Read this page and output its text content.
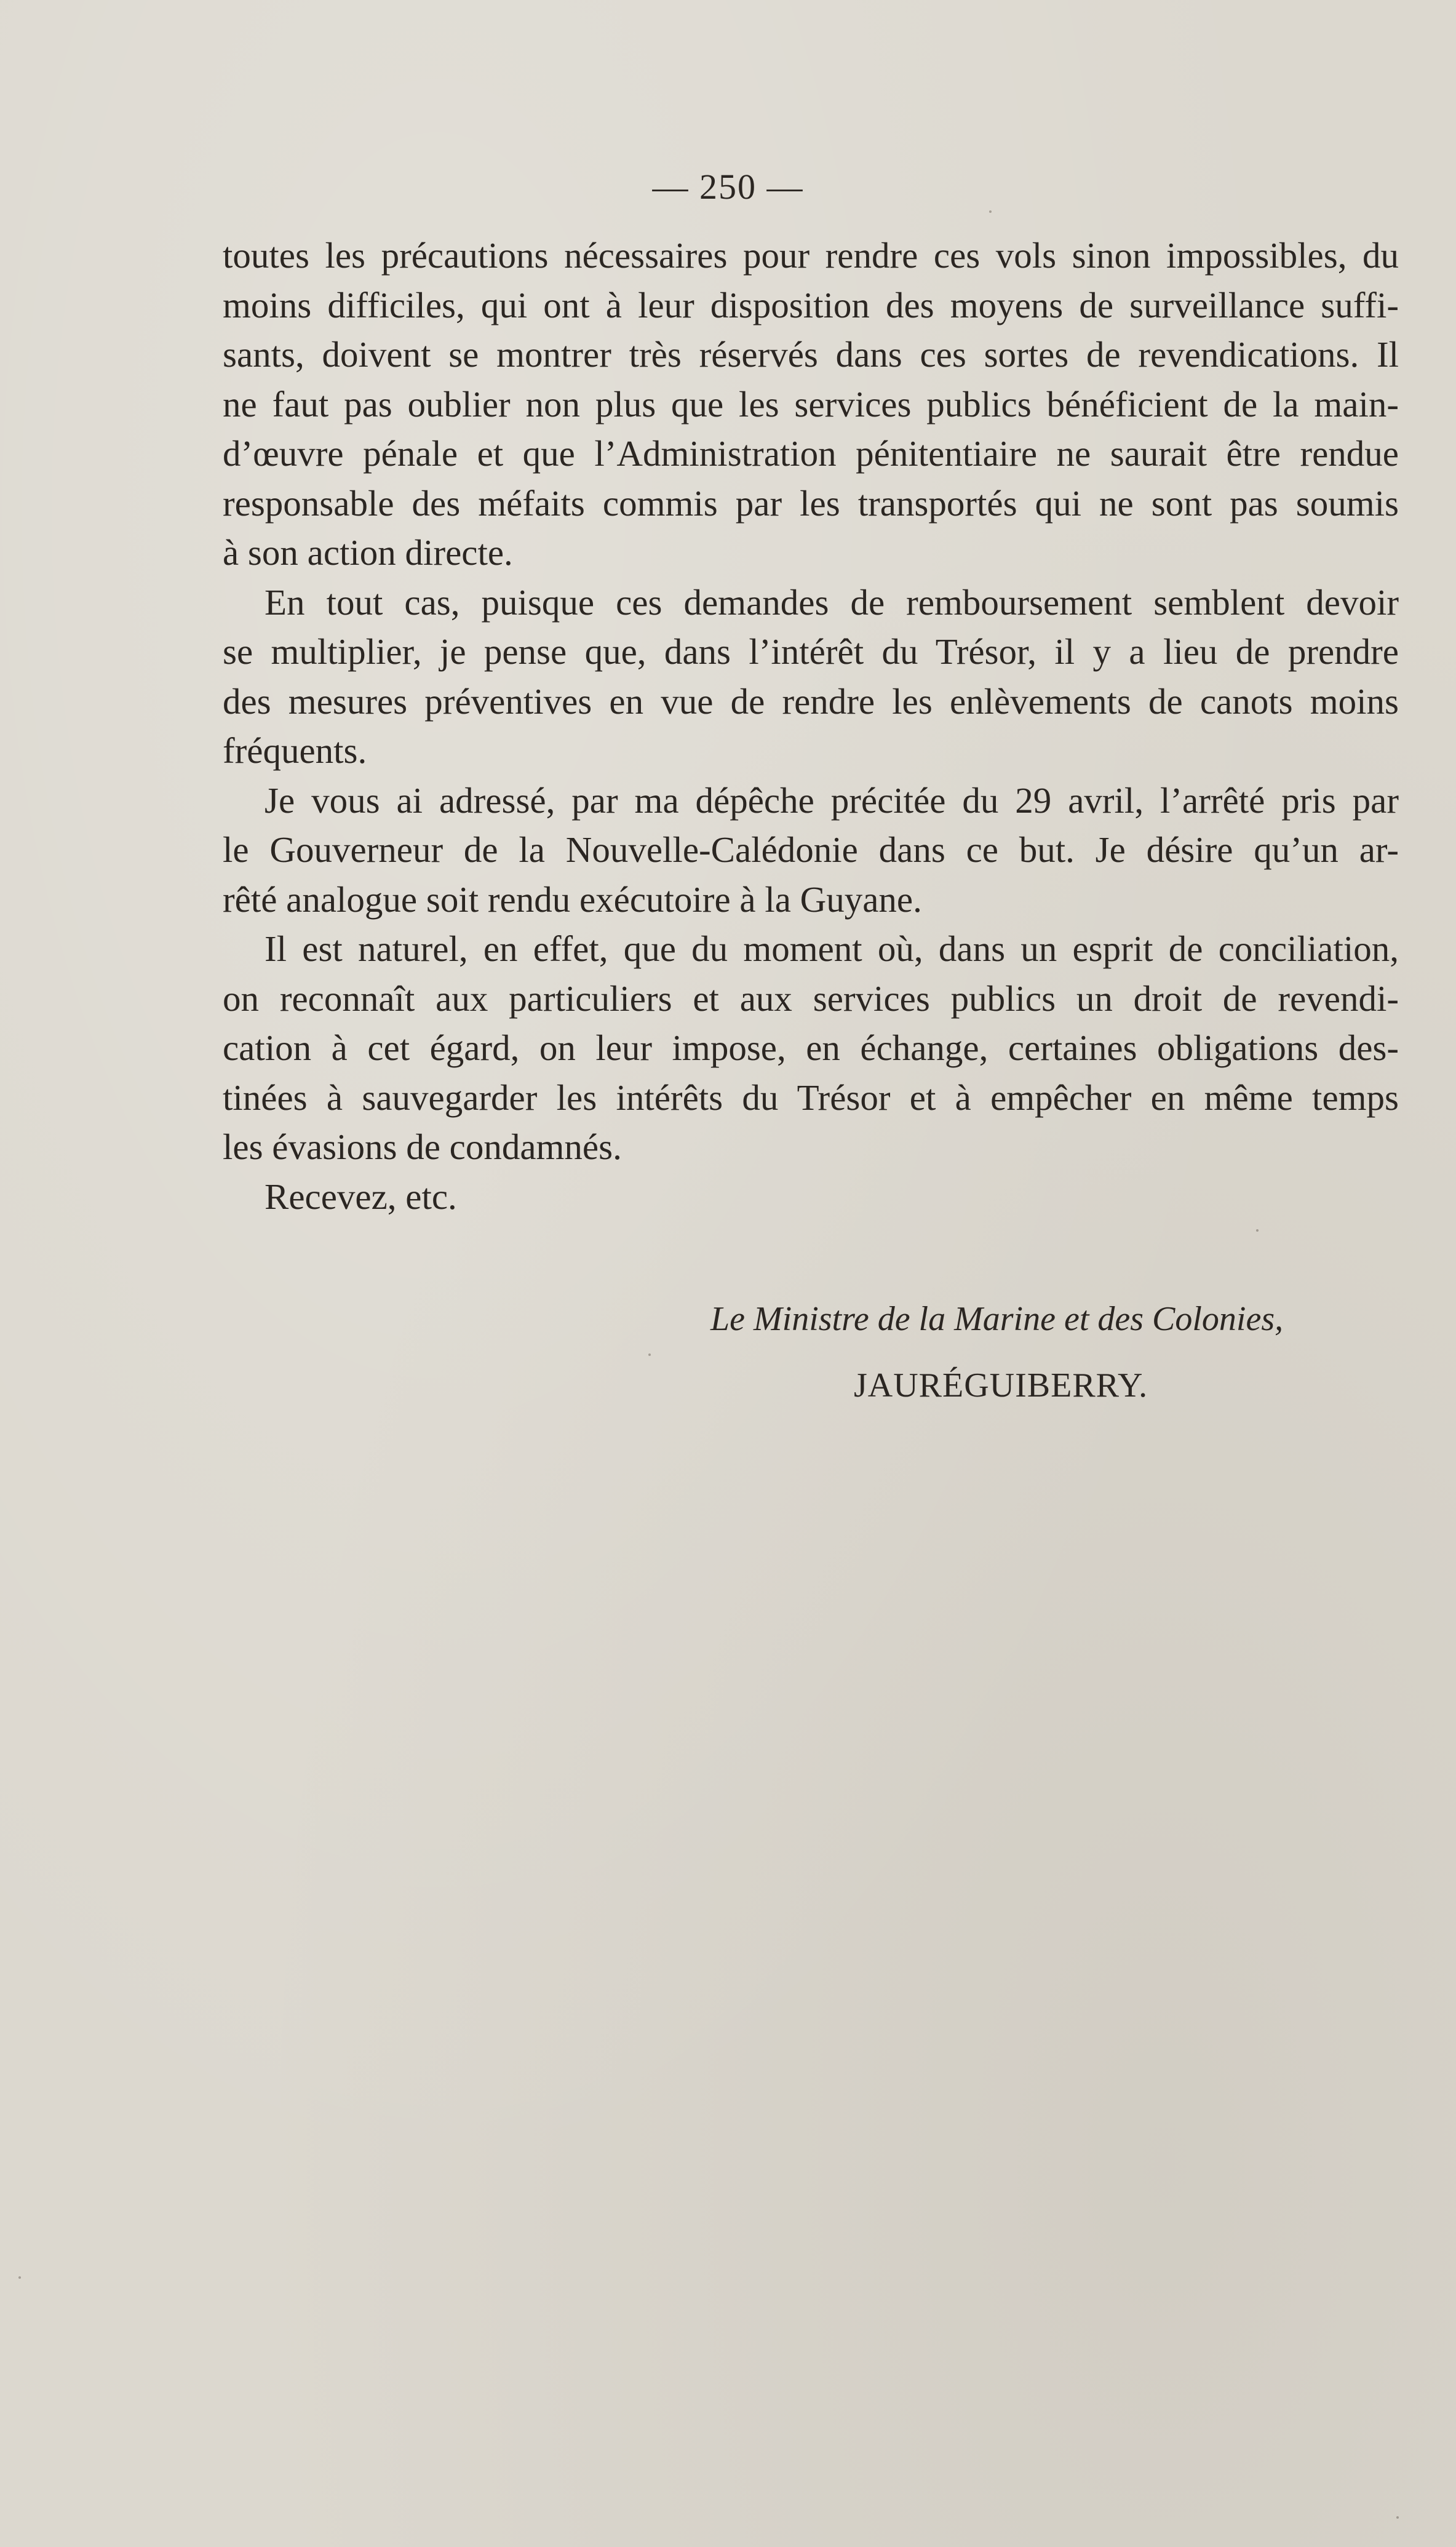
— 250 —

toutes les précautions nécessaires pour rendre ces vols sinon impossibles, du
moins difficiles, qui ont à leur disposition des moyens de surveillance suffi-
sants, doivent se montrer très réservés dans ces sortes de revendications. Il
ne faut pas oublier non plus que les services publics bénéficient de la main-
d’œuvre pénale et que l’Administration pénitentiaire ne saurait être rendue
responsable des méfaits commis par les transportés qui ne sont pas soumis
à son action directe.

En tout cas, puisque ces demandes de remboursement semblent devoir
se multiplier, je pense que, dans l’intérêt du Trésor, il y a lieu de prendre
des mesures préventives en vue de rendre les enlèvements de canots moins
fréquents.

Je vous ai adressé, par ma dépêche précitée du 29 avril, l’arrêté pris par
le Gouverneur de la Nouvelle-Calédonie dans ce but. Je désire qu’un ar-
rêté analogue soit rendu exécutoire à la Guyane.

Il est naturel, en effet, que du moment où, dans un esprit de conciliation,
on reconnaît aux particuliers et aux services publics un droit de revendi-
cation à cet égard, on leur impose, en échange, certaines obligations des-
tinées à sauvegarder les intérêts du Trésor et à empêcher en même temps
les évasions de condamnés.

Recevez, etc.

Le Ministre de la Marine et des Colonies,
JAURÉGUIBERRY.
